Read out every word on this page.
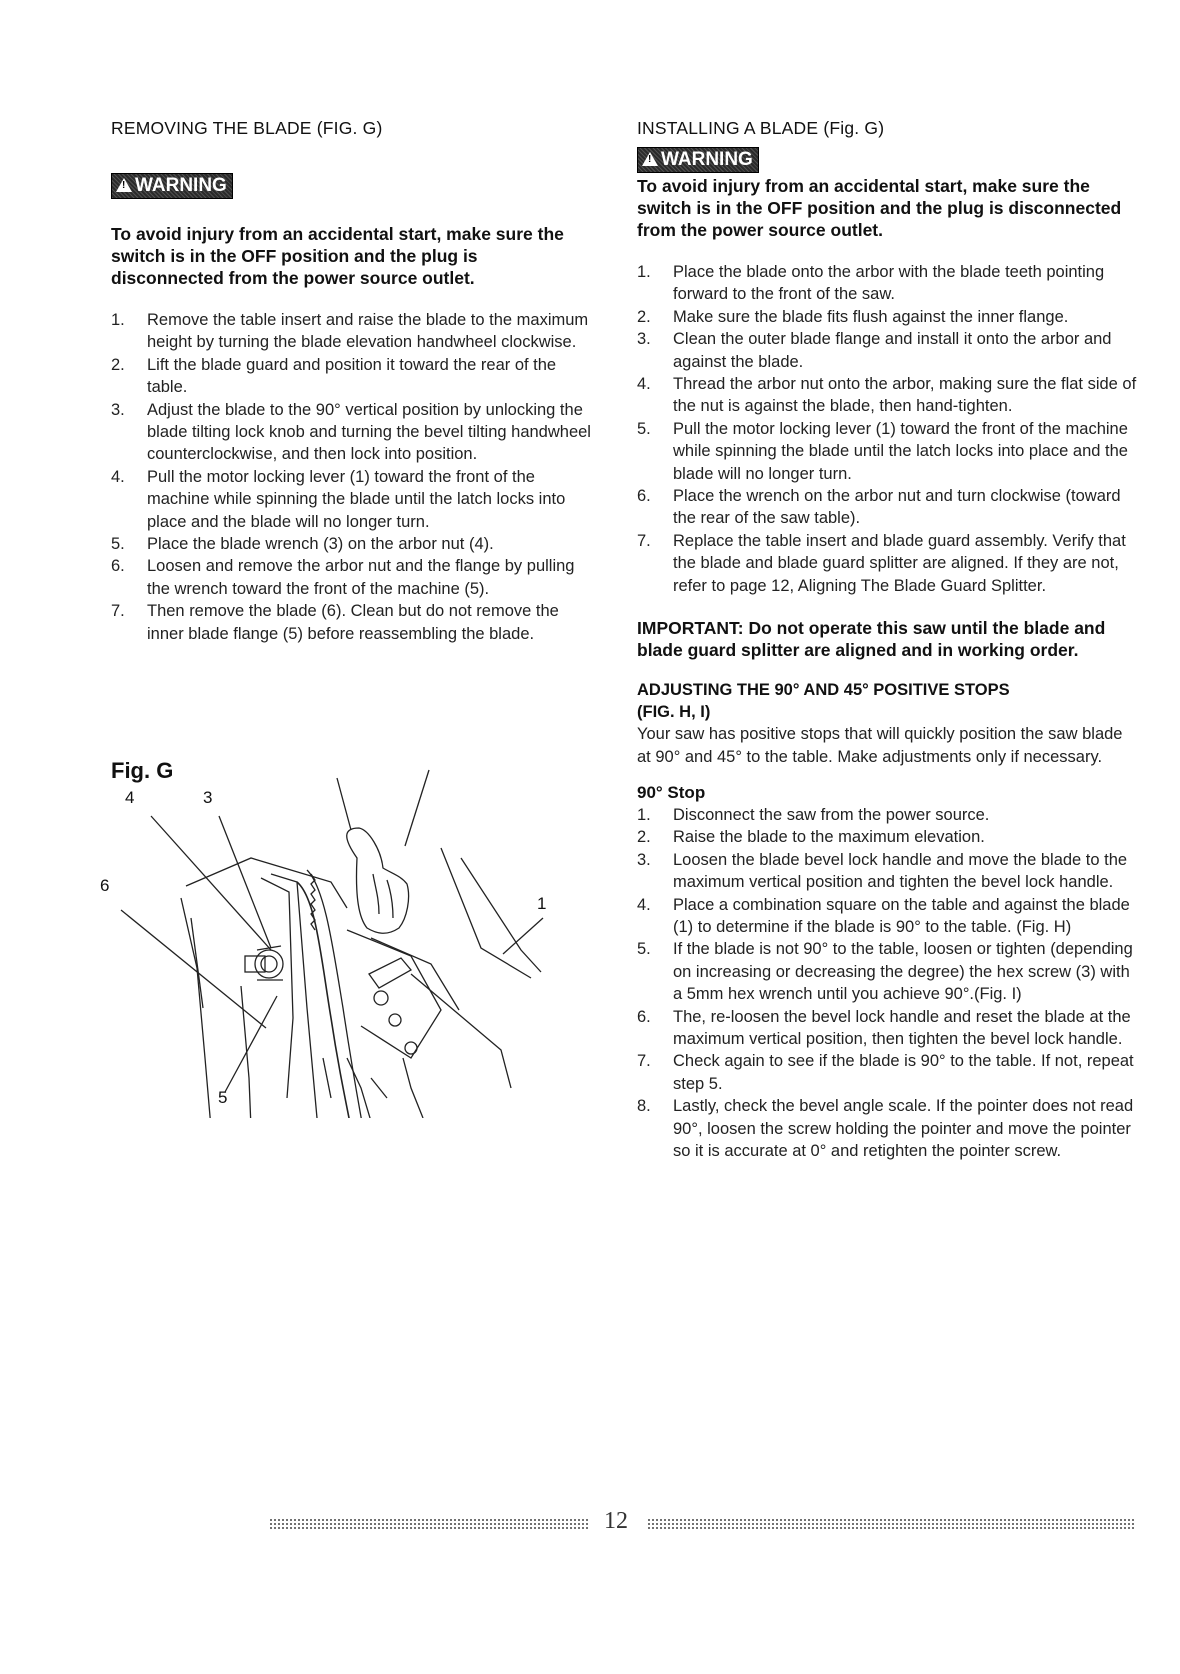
REMOVING THE BLADE (FIG. G)

!WARNING

To avoid injury from an accidental start, make sure the switch is in the OFF position and the plug is disconnected from the power source outlet.

1. Remove the table insert and raise the blade to the maximum height by turning the blade elevation handwheel clockwise.
2. Lift the blade guard and position it toward the rear of the table.
3. Adjust the blade to the 90° vertical position by unlocking the blade tilting lock knob and turning the bevel tilting handwheel counterclockwise, and then lock into position.
4. Pull the motor locking lever (1) toward the front of the machine while spinning the blade until the latch locks into place and the blade will no longer turn.
5. Place the blade wrench (3) on the arbor nut (4).
6. Loosen and remove the arbor nut and the flange by pulling the wrench toward the front of the machine (5).
7. Then remove the blade (6). Clean but do not remove the inner blade flange (5) before reassembling the blade.

Fig. G

4	3
6
1
5

INSTALLING A BLADE (Fig. G)

!WARNING

To avoid injury from an accidental start, make sure the switch is in the OFF position and the plug is disconnected from the power source outlet.

1. Place the blade onto the arbor with the blade teeth pointing forward to the front of the saw.
2. Make sure the blade fits flush against the inner flange.
3. Clean the outer blade flange and install it onto the arbor and against the blade.
4. Thread the arbor nut onto the arbor, making sure the flat side of the nut is against the blade, then hand-tighten.
5. Pull the motor locking lever (1) toward the front of the machine while spinning the blade until the latch locks into place and the blade will no longer turn.
6. Place the wrench on the arbor nut and turn clockwise (toward the rear of the saw table).
7. Replace the table insert and blade guard assembly. Verify that the blade and blade guard splitter are aligned. If they are not, refer to page 12, Aligning The Blade Guard Splitter.

IMPORTANT: Do not operate this saw until the blade and blade guard splitter are aligned and in working order.

ADJUSTING THE 90° AND 45° POSITIVE STOPS
(FIG. H, I)

Your saw has positive stops that will quickly position the saw blade at 90° and 45° to the table. Make adjustments only if necessary.

90° Stop

1. Disconnect the saw from the power source.
2. Raise the blade to the maximum elevation.
3. Loosen the blade bevel lock handle and move the blade to the maximum vertical position and tighten the bevel lock handle.
4. Place a combination square on the table and against the blade (1) to determine if the blade is 90° to the table. (Fig. H)
5. If the blade is not 90° to the table, loosen or tighten (depending on increasing or decreasing the degree) the hex screw (3) with a 5mm hex wrench until you achieve 90°.(Fig. I)
6. The, re-loosen the bevel lock handle and reset the blade at the maximum vertical position, then tighten the bevel lock handle.
7. Check again to see if the blade is 90° to the table. If not, repeat step 5.
8. Lastly, check the bevel angle scale. If the pointer does not read 90°, loosen the screw holding the pointer and move the pointer so it is accurate at 0° and retighten the pointer screw.
12
